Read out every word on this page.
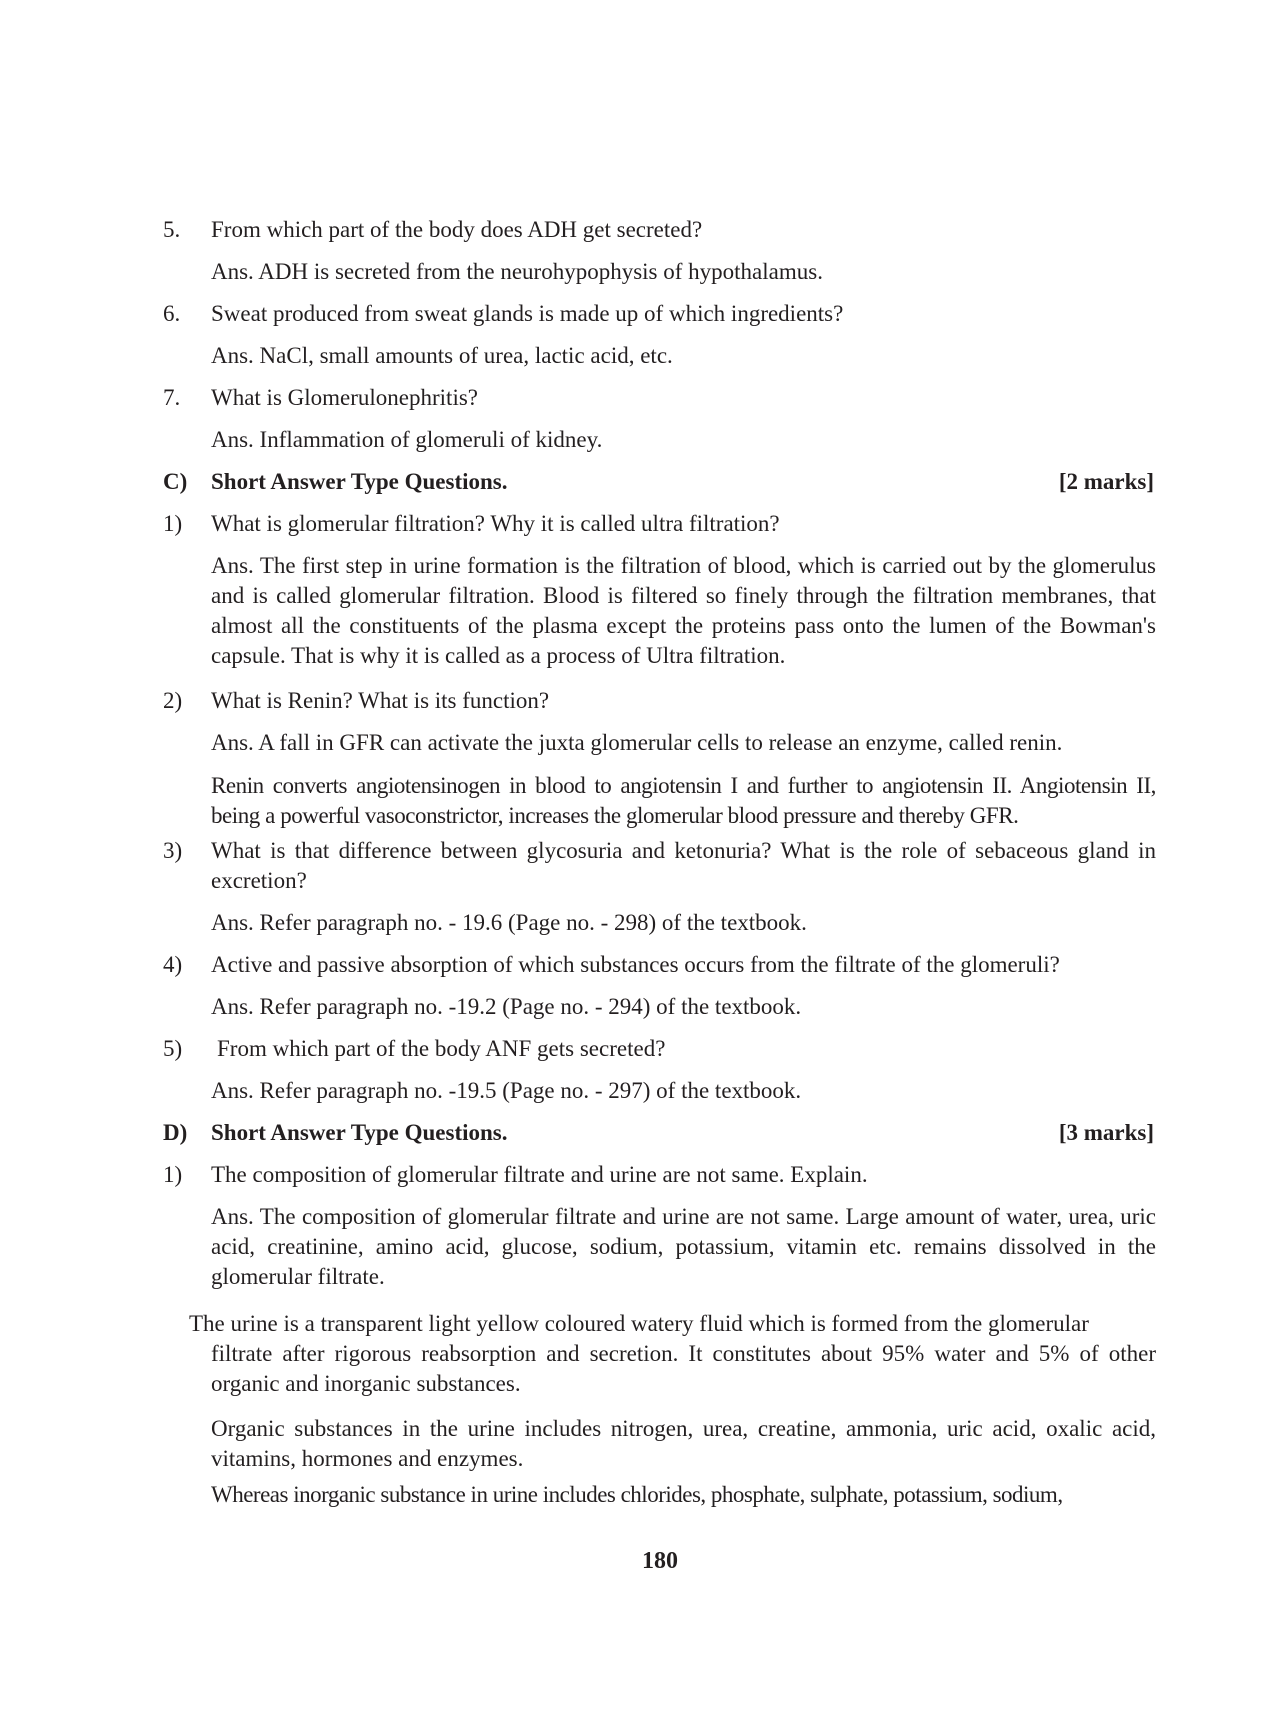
5. From which part of the body does ADH get secreted?
Ans. ADH is secreted from the neurohypophysis of hypothalamus.
6. Sweat produced from sweat glands is made up of which ingredients?
Ans. NaCl, small amounts of urea, lactic acid, etc.
7. What is Glomerulonephritis?
Ans. Inflammation of glomeruli of kidney.
C) Short Answer Type Questions.	[2 marks]
1) What is glomerular filtration? Why it is called ultra filtration?
Ans. The first step in urine formation is the filtration of blood, which is carried out by the glomerulus and is called glomerular filtration. Blood is filtered so finely through the filtration membranes, that almost all the constituents of the plasma except the proteins pass onto the lumen of the Bowman's capsule. That is why it is called as a process of Ultra filtration.
2) What is Renin? What is its function?
Ans. A fall in GFR can activate the juxta glomerular cells to release an enzyme, called renin.
Renin converts angiotensinogen in blood to angiotensin I and further to angiotensin II. Angiotensin II, being a powerful vasoconstrictor, increases the glomerular blood pressure and thereby GFR.
3) What is that difference between glycosuria and ketonuria? What is the role of sebaceous gland in excretion?
Ans. Refer paragraph no. - 19.6 (Page no. - 298) of the textbook.
4) Active and passive absorption of which substances occurs from the filtrate of the glomeruli?
Ans. Refer paragraph no. -19.2 (Page no. - 294) of the textbook.
5) From which part of the body ANF gets secreted?
Ans. Refer paragraph no. -19.5 (Page no. - 297) of the textbook.
D) Short Answer Type Questions.	[3 marks]
1) The composition of glomerular filtrate and urine are not same. Explain.
Ans. The composition of glomerular filtrate and urine are not same. Large amount of water, urea, uric acid, creatinine, amino acid, glucose, sodium, potassium, vitamin etc. remains dissolved in the glomerular filtrate.
The urine is a transparent light yellow coloured watery fluid which is formed from the glomerular
filtrate after rigorous reabsorption and secretion. It constitutes about 95% water and 5% of other organic and inorganic substances.
Organic substances in the urine includes nitrogen, urea, creatine, ammonia, uric acid, oxalic acid, vitamins, hormones and enzymes.
Whereas inorganic substance in urine includes chlorides, phosphate, sulphate, potassium, sodium,
180
